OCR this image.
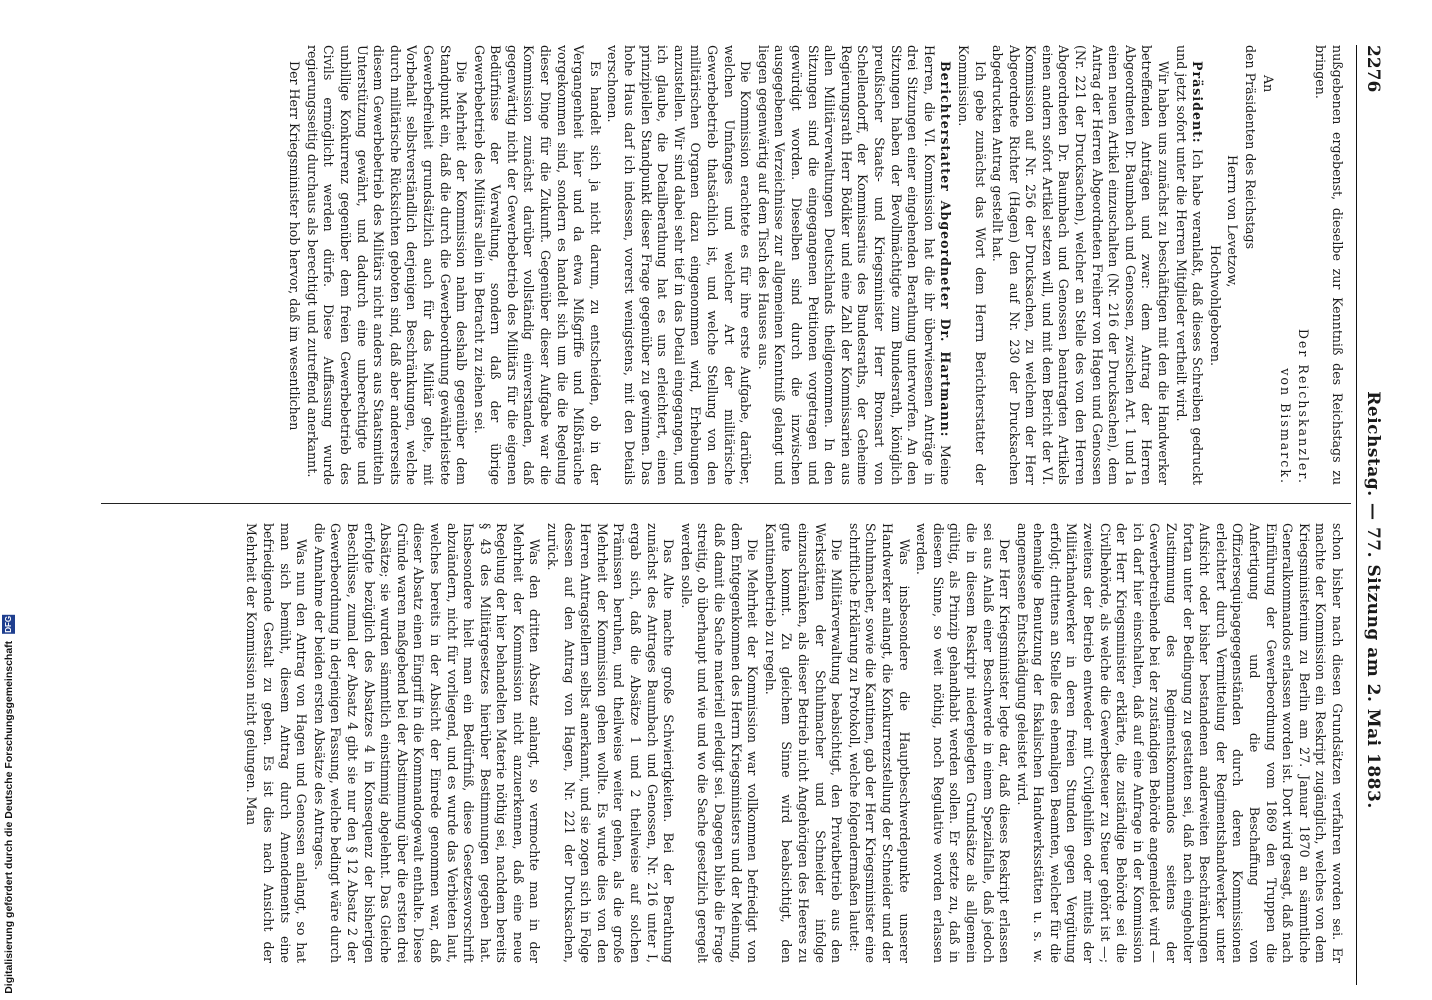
2276
Reichstag. — 77. Sitzung am 2. Mai 1883.

nußgebenen ergebenst, dieselbe zur Kenntniß des Reichstags zu bringen.

Der Reichskanzler.

von Bismarck.

An

den Präsidenten des Reichstags

Herrn von Levetzow,

Hochwohlgeboren.

Präsident: Ich habe veranlaßt, daß dieses Schreiben gedruckt und jetzt sofort unter die Herren Mitglieder vertheilt wird.

Wir haben uns zunächst zu beschäftigen mit den die Handwerker betreffenden Anträgen und zwar: dem Antrag der Herren Abgeordneten Dr. Baumbach und Genossen, zwischen Art. 1 und 1a einen neuen Artikel einzuschalten (Nr. 216 der Drucksachen), dem Antrag der Herren Abgeordneten Freiherr von Hagen und Genossen (Nr. 221 der Drucksachen), welcher an Stelle des von den Herren Abgeordneten Dr. Baumbach und Genossen beantragten Artikels einen andern sofort Artikel setzen will, und mit dem Bericht der VI. Kommission auf Nr. 256 der Drucksachen, zu welchem der Herr Abgeordnete Richter (Hagen) den auf Nr. 230 der Drucksachen abgedruckten Antrag gestellt hat.

Ich gebe zunächst das Wort dem Herrn Berichterstatter der Kommission.

Berichterstatter Abgeordneter Dr. Hartmann: Meine Herren, die VI. Kommission hat die ihr überwiesenen Anträge in drei Sitzungen einer eingehenden Berathung unterworfen. An den Sitzungen haben der Bevollmächtigte zum Bundesrath, königlich preußischer Staats- und Kriegsminister Herr Bronsart von Schellendorff, der Kommissarius des Bundesraths, der Geheime Regierungsrath Herr Bödiker und eine Zahl der Kommissarien aus allen Militärverwaltungen Deutschlands theilgenommen. In den Sitzungen sind die eingegangenen Petitionen vorgetragen und gewürdigt worden. Dieselben sind durch die inzwischen ausgegebenen Verzeichnisse zur allgemeinen Kenntniß gelangt und liegen gegenwärtig auf dem Tisch des Hauses aus.

Die Kommission erachtete es für ihre erste Aufgabe, darüber, welchen Umfanges und welcher Art der militärische Gewerbebetrieb thatsächlich ist, und welche Stellung von den militärischen Organen dazu eingenommen wird, Erhebungen anzustellen. Wir sind dabei sehr tief in das Detail eingegangen, und ich glaube, die Detailberathung hat es uns erleichtert, einen prinzipiellen Standpunkt dieser Frage gegenüber zu gewinnen. Das hohe Haus darf ich indessen, vorerst wenigstens, mit den Details verschonen.

Es handelt sich ja nicht darum, zu entscheiden, ob in der Vergangenheit hier und da etwa Mißgriffe und Mißbräuche vorgekommen sind, sondern es handelt sich um die die Regelung dieser Dinge für die Zukunft. Gegenüber dieser Aufgabe war die Kommission zunächst darüber vollständig einverstanden, daß gegenwärtig nicht der Gewerbebetrieb des Militärs für die eigenen Bedürfnisse der Verwaltung, sondern daß der übrige Gewerbebetrieb des Militärs allein in Betracht zu ziehen sei.

Die Mehrheit der Kommission nahm deshalb gegenüber dem Standpunkt ein, daß die durch die Gewerbeordnung gewährleistete Gewerbefreiheit grundsätzlich auch für das Militär gelte, mit Vorbehalt selbstverständlich derjenigen Beschränkungen, welche durch militärische Rücksichten geboten sind, daß aber andererseits diesem Gewerbebetrieb des Militärs nicht anders aus Staatsmitteln Unterstützung gewährt, und dadurch eine unberechtigte und unbillige Konkurrenz gegenüber dem freien Gewerbebetrieb des Civils ermöglicht werden dürfe. Diese Auffassung wurde regierungsseitig durchaus als berechtigt und zutreffend anerkannt.

Der Herr Kriegsminister hob hervor, daß im wesentlichen

schon bisher nach diesen Grundsätzen verfahren worden sei. Er machte der Kommission ein Reskript zugänglich, welches von dem Kriegsministerium zu Berlin am 27. Januar 1870 an sämmtliche Generalkommandos erlassen worden ist. Dort wird gesagt, daß nach Einführung der Gewerbeordnung vom 1869 den Truppen die Anfertigung und die Beschaffung von Offiziersequipagegegenständen durch deren Kommissionen erleichtert durch Vermittelung der Regimentshandwerker unter Aufsicht oder bisher bestandenen anderweiten Beschränkungen fortan unter der Bedingung zu gestatten sei, daß nach eingeholter Zustimmung des Regimentskommandos seitens der Gewerbetreibende bei der zuständigen Behörde angemeldet wird — ich darf hier einschalten, daß auf eine Anfrage in der Kommission der Herr Kriegsminister erklärte, die zuständige Behörde sei die Civilbehörde, als welche die Gewerbesteuer zu Steuer gehört ist —; zweitens der Betrieb entweder mit Civilgehilfen oder mittels der Militärhandwerker in deren freien Stunden gegen Vergütung erfolgt; drittens an Stelle des ehemaligen Beamten, welcher für die ehemalige Benutzung der fiskalischen Handwerksstätten u. s. w. angemessene Entschädigung geleistet wird.

Der Herr Kriegsminister legte dar, daß dieses Reskript erlassen sei aus Anlaß einer Beschwerde in einem Spezialfalle, daß jedoch die in diesem Reskript niedergelegten Grundsätze als allgemein gültig, als Prinzip gehandhabt werden sollen. Er setzte zu, daß in diesem Sinne, so weit nöthig, noch Regulative worden erlassen werden.

Was insbesondere die Hauptbeschwerdepunkte unserer Handwerker anlangt, die Konkurrenzstellung der Schneider und der Schuhmacher, sowie die Kantinen, gab der Herr Kriegsminister eine schriftliche Erklärung zu Protokoll, welche folgendermaßen lautet:

Die Militärverwaltung beabsichtigt, den Privatbetrieb aus den Werkstätten der Schuhmacher und Schneider infolge einzuschränken, als dieser Betrieb nicht Angehörigen des Heeres zu gute kommt. Zu gleichem Sinne wird beabsichtigt, den Kantinenbetrieb zu regeln.

Die Mehrheit der Kommission war vollkommen befriedigt von dem Entgegenkommen des Herrn Kriegsministers und der Meinung, daß damit die Sache materiell erledigt sei. Dagegen blieb die Frage streitig, ob überhaupt und wie und wo die Sache gesetzlich geregelt werden solle.

Das Alte machte große Schwierigkeiten. Bei der Berathung zunächst des Antrages Baumbach und Genossen, Nr. 216 unter I, ergab sich, daß die Absätze 1 und 2 theilweise auf solchen Prämissen beruhen, und theilweise weiter gehen, als die große Mehrheit der Kommission gehen wollte. Es wurde dies von den Herren Antragstellern selbst anerkannt, und sie zogen sich in Folge dessen auf den Antrag von Hagen, Nr. 221 der Drucksachen, zurück.

Was den dritten Absatz anlangt, so vermochte man in der Mehrheit der Kommission nicht anzuerkennen, daß eine neue Regelung der hier behandelten Materie nöthig sei, nachdem bereits § 43 des Militärgesetzes hierüber Bestimmungen gegeben hat. Insbesondere hielt man ein Bedürfniß, diese Gesetzesvorschrift abzuändern, nicht für vorliegend, und es wurde das Verbieten laut, welches bereits in der Absicht der Einrede genommen war, daß dieser Absatz einen Eingriff in die Kommandogewalt enthalte. Diese Gründe waren maßgebend bei der Abstimmung über die ersten drei Absätze; sie wurden sämmtlich einstimmig abgelehnt. Das Gleiche erfolgte bezüglich des Absatzes 4 in Konsequenz der bisherigen Beschlüsse, zumal der Absatz 4 gibt sie nur den § 12 Absatz 2 der Gewerbeordnung in derjenigen Fassung, welche bedingt wäre durch die Annahme der beiden ersten Absätze des Antrages.

Was nun den Antrag von Hagen und Genossen anlangt, so hat man sich bemüht, diesem Antrag durch Amendements eine befriedigende Gestalt zu geben. Es ist dies nach Ansicht der Mehrheit der Kommission nicht gelungen. Man

Digitalisierung gefördert durch die Deutsche Forschungsgemeinschaft DFG
